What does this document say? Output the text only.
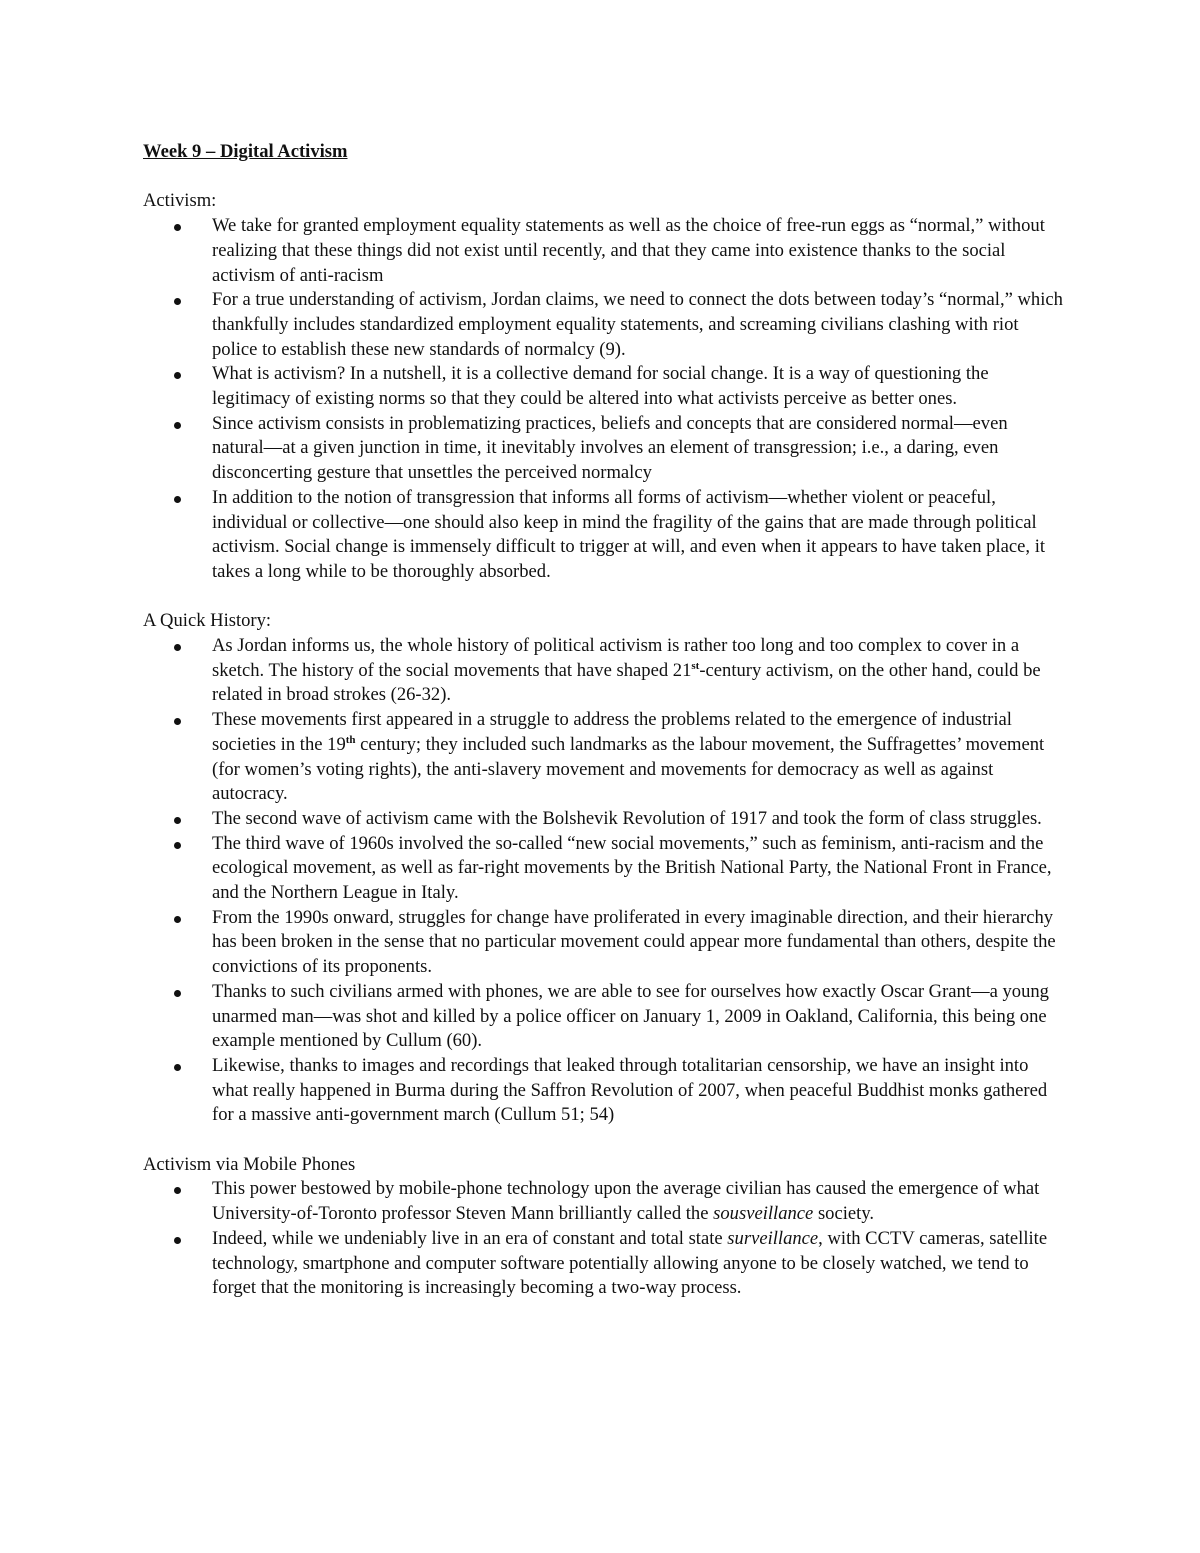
Week 9 – Digital Activism

Activism:

We take for granted employment equality statements as well as the choice of free-run eggs as “normal,” without realizing that these things did not exist until recently, and that they came into existence thanks to the social activism of anti-racism
For a true understanding of activism, Jordan claims, we need to connect the dots between today’s “normal,” which thankfully includes standardized employment equality statements, and screaming civilians clashing with riot police to establish these new standards of normalcy (9).
What is activism? In a nutshell, it is a collective demand for social change. It is a way of questioning the legitimacy of existing norms so that they could be altered into what activists perceive as better ones.
Since activism consists in problematizing practices, beliefs and concepts that are considered normal—even natural—at a given junction in time, it inevitably involves an element of transgression; i.e., a daring, even disconcerting gesture that unsettles the perceived normalcy
In addition to the notion of transgression that informs all forms of activism—whether violent or peaceful, individual or collective—one should also keep in mind the fragility of the gains that are made through political activism. Social change is immensely difficult to trigger at will, and even when it appears to have taken place, it takes a long while to be thoroughly absorbed.

A Quick History:

As Jordan informs us, the whole history of political activism is rather too long and too complex to cover in a sketch. The history of the social movements that have shaped 21st-century activism, on the other hand, could be related in broad strokes (26-32).
These movements first appeared in a struggle to address the problems related to the emergence of industrial societies in the 19th century; they included such landmarks as the labour movement, the Suffragettes’ movement (for women’s voting rights), the anti-slavery movement and movements for democracy as well as against autocracy.
The second wave of activism came with the Bolshevik Revolution of 1917 and took the form of class struggles.
The third wave of 1960s involved the so-called “new social movements,” such as feminism, anti-racism and the ecological movement, as well as far-right movements by the British National Party, the National Front in France, and the Northern League in Italy.
From the 1990s onward, struggles for change have proliferated in every imaginable direction, and their hierarchy has been broken in the sense that no particular movement could appear more fundamental than others, despite the convictions of its proponents.
Thanks to such civilians armed with phones, we are able to see for ourselves how exactly Oscar Grant—a young unarmed man—was shot and killed by a police officer on January 1, 2009 in Oakland, California, this being one example mentioned by Cullum (60).
Likewise, thanks to images and recordings that leaked through totalitarian censorship, we have an insight into what really happened in Burma during the Saffron Revolution of 2007, when peaceful Buddhist monks gathered for a massive anti-government march (Cullum 51; 54)

Activism via Mobile Phones

This power bestowed by mobile-phone technology upon the average civilian has caused the emergence of what University-of-Toronto professor Steven Mann brilliantly called the sousveillance society.
Indeed, while we undeniably live in an era of constant and total state surveillance, with CCTV cameras, satellite technology, smartphone and computer software potentially allowing anyone to be closely watched, we tend to forget that the monitoring is increasingly becoming a two-way process.
